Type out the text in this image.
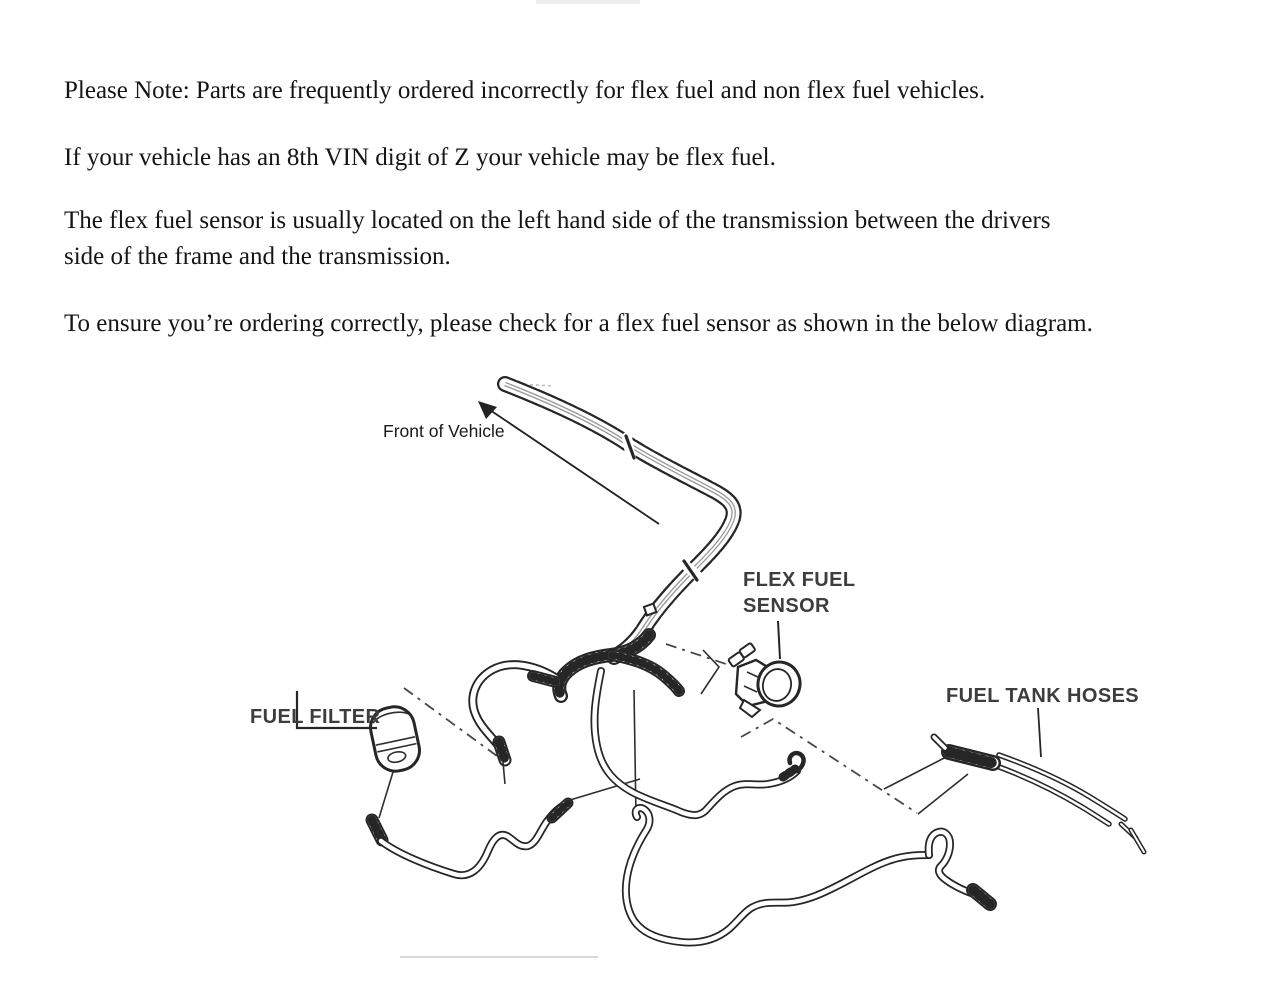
Please Note: Parts are frequently ordered incorrectly for flex fuel and non flex fuel vehicles.
If your vehicle has an 8th VIN digit of Z your vehicle may be flex fuel.
The flex fuel sensor is usually located on the left hand side of the transmission between the drivers
side of the frame and the transmission.
To ensure you’re ordering correctly, please check for a flex fuel sensor as shown in the below diagram.
Front of Vehicle
FLEX FUEL
SENSOR
FUEL FILTER
FUEL TANK HOSES
